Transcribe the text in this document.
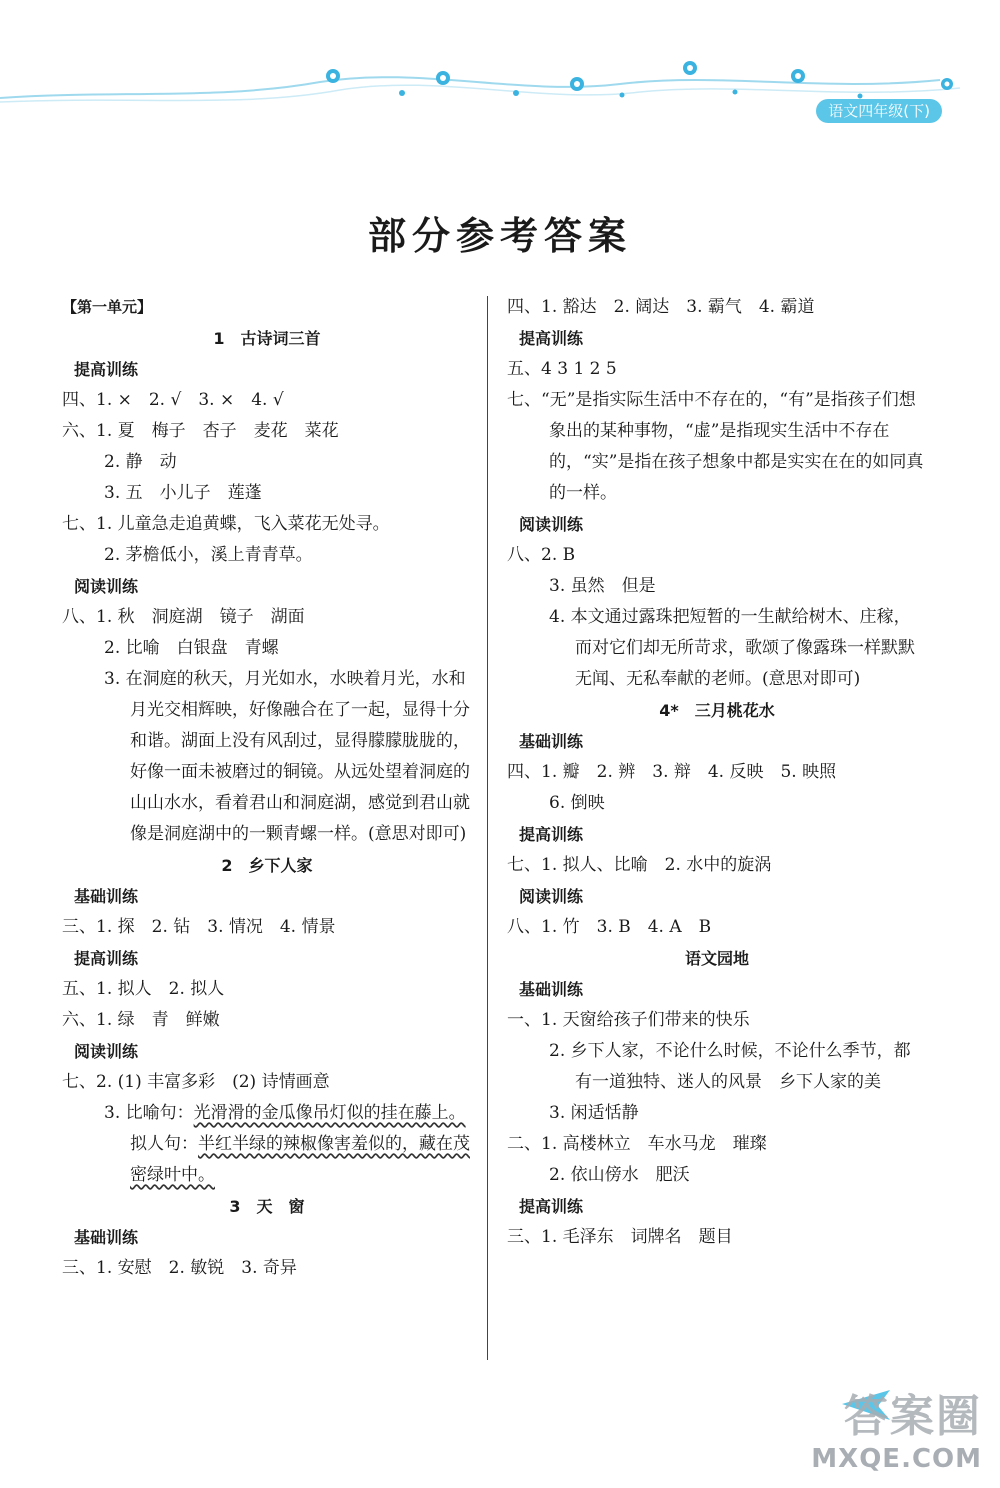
语文四年级(下)
部分参考答案
【第一单元】
1　古诗词三首
提高训练
四、1. ×　2. √　3. ×　4. √
六、1. 夏　梅子　杏子　麦花　菜花
2. 静　动
3. 五　小儿子　莲蓬
七、1. 儿童急走追黄蝶，飞入菜花无处寻。
2. 茅檐低小，溪上青青草。
阅读训练
八、1. 秋　洞庭湖　镜子　湖面
2. 比喻　白银盘　青螺
3. 在洞庭的秋天，月光如水，水映着月光，水和月光交相辉映，好像融合在了一起，显得十分和谐。湖面上没有风刮过，显得朦朦胧胧的，好像一面未被磨过的铜镜。从远处望着洞庭的山山水水，看着君山和洞庭湖，感觉到君山就像是洞庭湖中的一颗青螺一样。(意思对即可)
2　乡下人家
基础训练
三、1. 探　2. 钻　3. 情况　4. 情景
提高训练
五、1. 拟人　2. 拟人
六、1. 绿　青　鲜嫩
阅读训练
七、2. (1) 丰富多彩　(2) 诗情画意
3. 比喻句：光滑滑的金瓜像吊灯似的挂在藤上。
拟人句：半红半绿的辣椒像害羞似的，藏在茂密绿叶中。
3　天　窗
基础训练
三、1. 安慰　2. 敏锐　3. 奇异
四、1. 豁达　2. 阔达　3. 霸气　4. 霸道
提高训练
五、4 3 1 2 5
七、“无”是指实际生活中不存在的，“有”是指孩子们想象出的某种事物，“虚”是指现实生活中不存在的，“实”是指在孩子想象中都是实实在在的如同真的一样。
阅读训练
八、2. B
3. 虽然　但是
4. 本文通过露珠把短暂的一生献给树木、庄稼，而对它们却无所苛求，歌颂了像露珠一样默默无闻、无私奉献的老师。(意思对即可)
4*　三月桃花水
基础训练
四、1. 瓣　2. 辨　3. 辩　4. 反映　5. 映照
6. 倒映
提高训练
七、1. 拟人、比喻　2. 水中的旋涡
阅读训练
八、1. 竹　3. B　4. A　B
语文园地
基础训练
一、1. 天窗给孩子们带来的快乐
2. 乡下人家，不论什么时候，不论什么季节，都有一道独特、迷人的风景　乡下人家的美
3. 闲适恬静
二、1. 高楼林立　车水马龙　璀璨
2. 依山傍水　肥沃
提高训练
三、1. 毛泽东　词牌名　题目
答案圈
MXQE.COM
